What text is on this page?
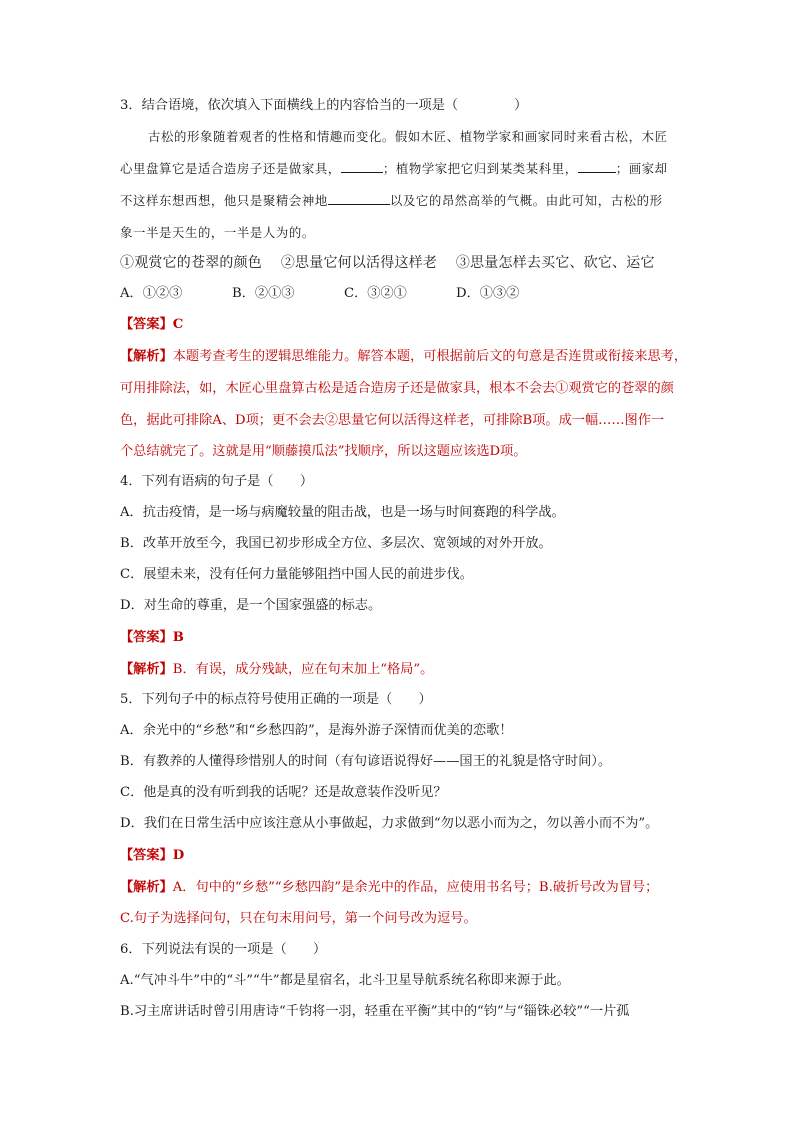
3．结合语境，依次填入下面横线上的内容恰当的一项是（	）
古松的形象随着观者的性格和情趣而变化。假如木匠、植物学家和画家同时来看古松，木匠
心里盘算它是适合造房子还是做家具，	；植物学家把它归到某类某科里，	；画家却
不这样东想西想，他只是聚精会神地	以及它的昂然高举的气概。由此可知，古松的形
象一半是天生的，一半是人为的。
①观赏它的苍翠的颜色　 ②思量它何以活得这样老　 ③思量怎样去买它、砍它、运它
A．①②③	B．②①③	C．③②①	D．①③②
【答案】C
【解析】本题考查考生的逻辑思维能力。解答本题，可根据前后文的句意是否连贯或衔接来思考，
可用排除法，如，木匠心里盘算古松是适合造房子还是做家具，根本不会去①观赏它的苍翠的颜
色，据此可排除A、D项；更不会去②思量它何以活得这样老，可排除B项。成一幅……图作一
个总结就完了。这就是用“顺藤摸瓜法”找顺序，所以这题应该选D项。
4．下列有语病的句子是（　　）
A．抗击疫情，是一场与病魔较量的阻击战，也是一场与时间赛跑的科学战。
B．改革开放至今，我国已初步形成全方位、多层次、宽领域的对外开放。
C．展望未来，没有任何力量能够阻挡中国人民的前进步伐。
D．对生命的尊重，是一个国家强盛的标志。
【答案】B
【解析】B．有误，成分残缺，应在句末加上“格局”。
5．下列句子中的标点符号使用正确的一项是（　　）
A．余光中的“乡愁”和“乡愁四韵”，是海外游子深情而优美的恋歌！
B．有教养的人懂得珍惜别人的时间（有句谚语说得好——国王的礼貌是恪守时间）。
C．他是真的没有听到我的话呢？还是故意装作没听见？
D．我们在日常生活中应该注意从小事做起，力求做到“勿以恶小而为之，勿以善小而不为”。
【答案】D
【解析】A．句中的“乡愁”“乡愁四韵”是余光中的作品，应使用书名号；B.破折号改为冒号；
C.句子为选择问句，只在句末用问号，第一个问号改为逗号。
6．下列说法有误的一项是（　　）
A.“气冲斗牛”中的“斗”“牛”都是星宿名，北斗卫星导航系统名称即来源于此。
B.习主席讲话时曾引用唐诗“千钧将一羽，轻重在平衡”其中的“钧”与“锱铢必较”“一片孤
